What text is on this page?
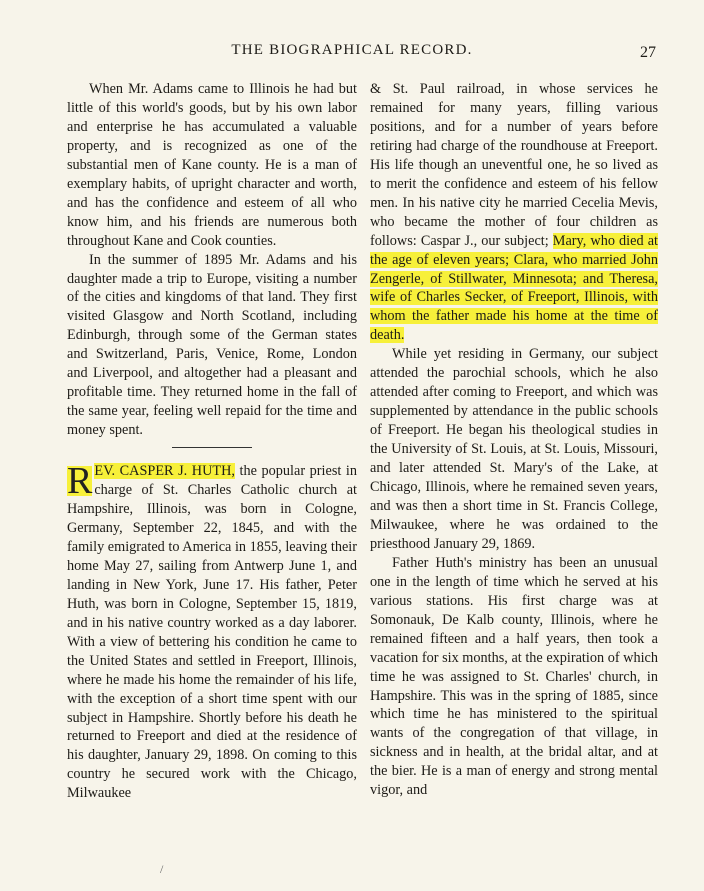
THE BIOGRAPHICAL RECORD.	27

When Mr. Adams came to Illinois he had but little of this world's goods, but by his own labor and enterprise he has accumulated a valuable property, and is recognized as one of the substantial men of Kane county. He is a man of exemplary habits, of upright character and worth, and has the confidence and esteem of all who know him, and his friends are numerous both throughout Kane and Cook counties.

In the summer of 1895 Mr. Adams and his daughter made a trip to Europe, visiting a number of the cities and kingdoms of that land. They first visited Glasgow and North Scotland, including Edinburgh, through some of the German states and Switzerland, Paris, Venice, Rome, London and Liverpool, and altogether had a pleasant and profitable time. They returned home in the fall of the same year, feeling well repaid for the time and money spent.

R EV. CASPER J. HUTH, the popular priest in charge of St. Charles Catholic church at Hampshire, Illinois, was born in Cologne, Germany, September 22, 1845, and with the family emigrated to America in 1855, leaving their home May 27, sailing from Antwerp June 1, and landing in New York, June 17. His father, Peter Huth, was born in Cologne, September 15, 1819, and in his native country worked as a day laborer. With a view of bettering his condition he came to the United States and settled in Freeport, Illinois, where he made his home the remainder of his life, with the exception of a short time spent with our subject in Hampshire. Shortly before his death he returned to Freeport and died at the residence of his daughter, January 29, 1898. On coming to this country he secured work with the Chicago, Milwaukee

& St. Paul railroad, in whose services he remained for many years, filling various positions, and for a number of years before retiring had charge of the roundhouse at Freeport. His life though an uneventful one, he so lived as to merit the confidence and esteem of his fellow men. In his native city he married Cecelia Mevis, who became the mother of four children as follows: Caspar J., our subject; Mary, who died at the age of eleven years; Clara, who married John Zengerle, of Stillwater, Minnesota; and Theresa, wife of Charles Secker, of Freeport, Illinois, with whom the father made his home at the time of death.

While yet residing in Germany, our subject attended the parochial schools, which he also attended after coming to Freeport, and which was supplemented by attendance in the public schools of Freeport. He began his theological studies in the University of St. Louis, at St. Louis, Missouri, and later attended St. Mary's of the Lake, at Chicago, Illinois, where he remained seven years, and was then a short time in St. Francis College, Milwaukee, where he was ordained to the priesthood January 29, 1869.

Father Huth's ministry has been an unusual one in the length of time which he served at his various stations. His first charge was at Somonauk, De Kalb county, Illinois, where he remained fifteen and a half years, then took a vacation for six months, at the expiration of which time he was assigned to St. Charles' church, in Hampshire. This was in the spring of 1885, since which time he has ministered to the spiritual wants of the congregation of that village, in sickness and in health, at the bridal altar, and at the bier. He is a man of energy and strong mental vigor, and

/
